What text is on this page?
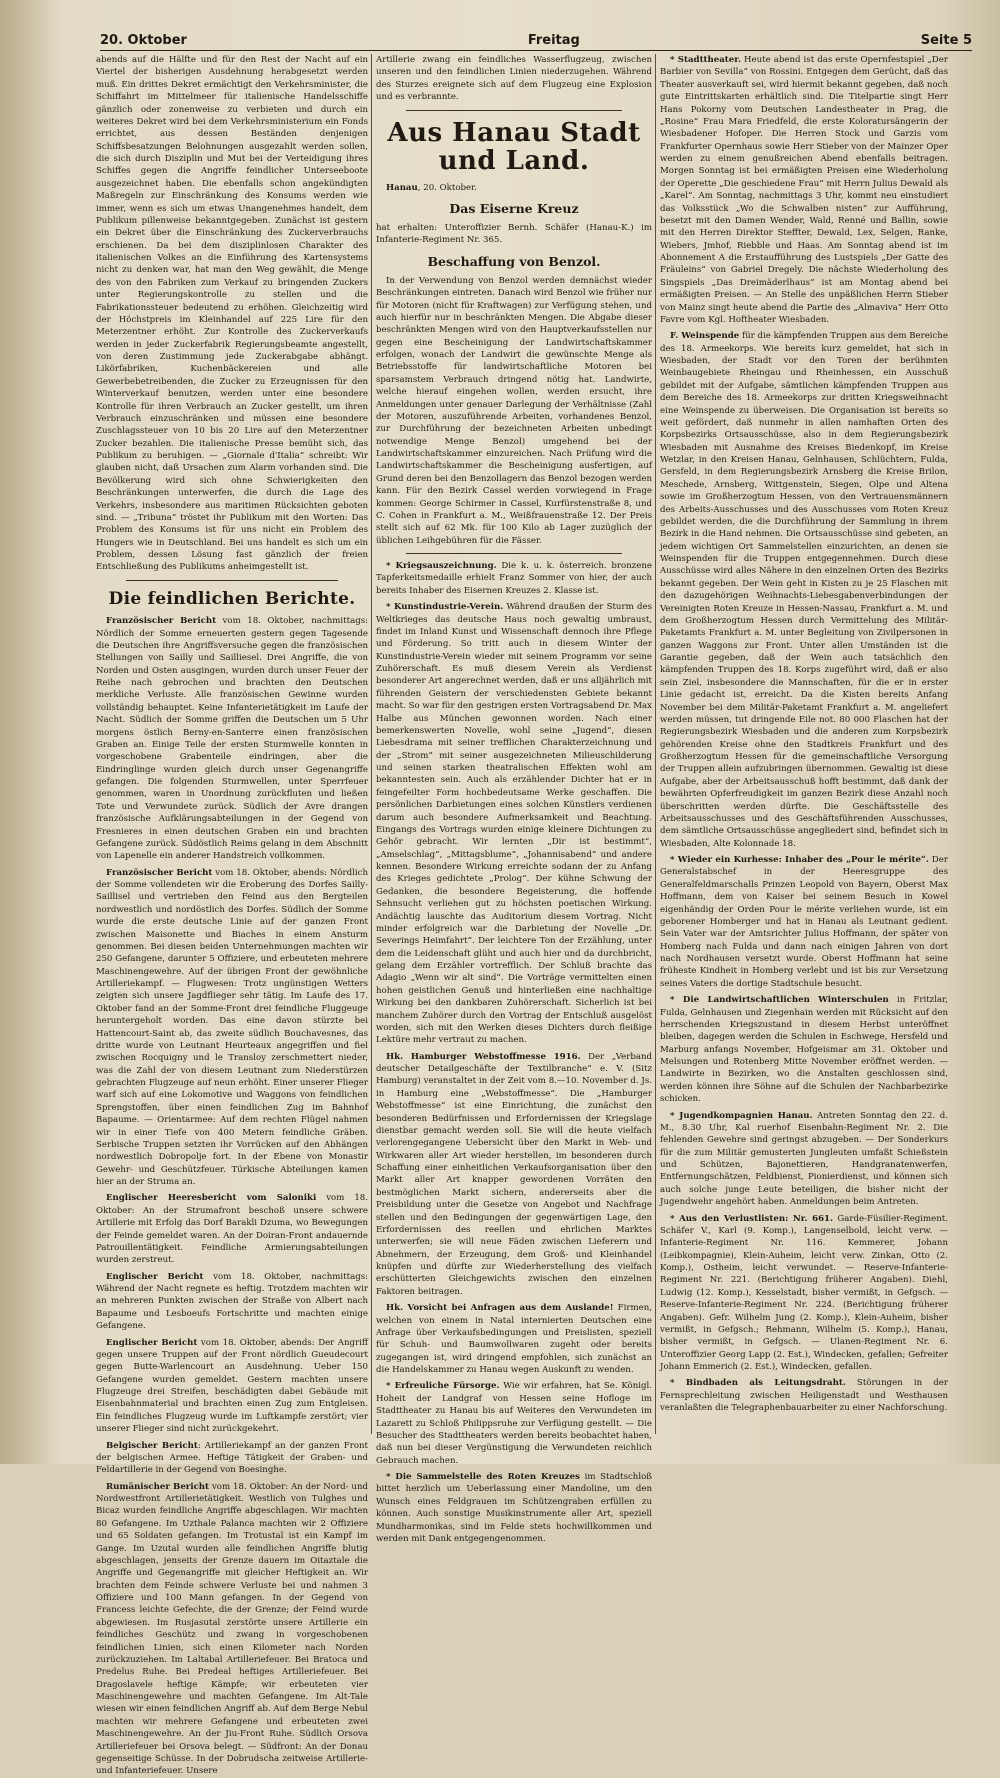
20. Oktober	Freitag	Seite 5

abends auf die Hälfte und für den Rest der Nacht auf ein Viertel der bisherigen Ausdehnung herabgesetzt werden muß. Ein drittes Dekret ermächtigt den Verkehrsminister, die Schiffahrt im Mittelmeer für italienische Handelsschiffe gänzlich oder zonenweise zu verbieten und durch ein weiteres Dekret wird bei dem Verkehrsministerium ein Fonds errichtet, aus dessen Beständen denjenigen Schiffsbesatzungen Belohnungen ausgezahlt werden sollen, die sich durch Disziplin und Mut bei der Verteidigung ihres Schiffes gegen die Angriffe feindlicher Unterseeboote ausgezeichnet haben. Die ebenfalls schon angekündigten Maßregeln zur Einschränkung des Konsums werden wie immer, wenn es sich um etwas Unangenehmes handelt, dem Publikum pillenweise bekanntgegeben. Zunächst ist gestern ein Dekret über die Einschränkung des Zuckerverbrauchs erschienen. Da bei dem disziplinlosen Charakter des italienischen Volkes an die Einführung des Kartensystems nicht zu denken war, hat man den Weg gewählt, die Menge des von den Fabriken zum Verkauf zu bringenden Zuckers unter Regierungskontrolle zu stellen und die Fabrikationssteuer bedeutend zu erhöhen. Gleichzeitig wird der Höchstpreis im Kleinhandel auf 225 Lire für den Meterzentner erhöht. Zur Kontrolle des Zuckerverkaufs werden in jeder Zuckerfabrik Regierungsbeamte angestellt, von deren Zustimmung jede Zuckerabgabe abhängt. Likörfabriken, Kuchenbäckereien und alle Gewerbebetreibenden, die Zucker zu Erzeugnissen für den Winterverkauf benutzen, werden unter eine besondere Kontrolle für ihren Verbrauch an Zucker gestellt, um ihren Verbrauch einzuschränken und müssen eine besondere Zuschlagssteuer von 10 bis 20 Lire auf den Meterzentner Zucker bezahlen. Die italienische Presse bemüht sich, das Publikum zu beruhigen. — „Giornale d'Italia“ schreibt: Wir glauben nicht, daß Ursachen zum Alarm vorhanden sind. Die Bevölkerung wird sich ohne Schwierigkeiten den Beschränkungen unterwerfen, die durch die Lage des Verkehrs, insbesondere aus maritimen Rücksichten geboten sind. — „Tribuna“ tröstet ihr Publikum mit den Worten: Das Problem des Konsums ist für uns nicht ein Problem des Hungers wie in Deutschland. Bei uns handelt es sich um ein Problem, dessen Lösung fast gänzlich der freien Entschließung des Publikums anheimgestellt ist.

Die feindlichen Berichte.

Französischer Bericht vom 18. Oktober, nachmittags: Nördlich der Somme erneuerten gestern gegen Tagesende die Deutschen ihre Angriffsversuche gegen die französischen Stellungen von Sailly und Sailliesel. Drei Angriffe, die von Norden und Osten ausgingen, wurden durch unser Feuer der Reihe nach gebrochen und brachten den Deutschen merkliche Verluste. Alle französischen Gewinne wurden vollständig behauptet. Keine Infanterietätigkeit im Laufe der Nacht. Südlich der Somme griffen die Deutschen um 5 Uhr morgens östlich Berny-en-Santerre einen französischen Graben an. Einige Teile der ersten Sturmwelle konnten in vorgeschobene Grabenteile eindringen, aber die Eindringlinge wurden gleich durch unser Gegenangriffe gefangen. Die folgenden Sturmwellen, unter Sperrfeuer genommen, waren in Unordnung zurückfluten und ließen Tote und Verwundete zurück. Südlich der Avre drangen französische Aufklärungsabteilungen in der Gegend von Fresnieres in einen deutschen Graben ein und brachten Gefangene zurück. Südöstlich Reims gelang in dem Abschnitt von Lapenelle ein anderer Handstreich vollkommen.

Französischer Bericht vom 18. Oktober, abends: Nördlich der Somme vollendeten wir die Eroberung des Dorfes Sailly-Saillisel und vertrieben den Feind aus den Bergteilen nordwestlich und nordöstlich des Dorfes. Südlich der Somme wurde die erste deutsche Linie auf der ganzen Front zwischen Maisonette und Biaches in einem Ansturm genommen. Bei diesen beiden Unternehmungen machten wir 250 Gefangene, darunter 5 Offiziere, und erbeuteten mehrere Maschinengewehre. Auf der übrigen Front der gewöhnliche Artilleriekampf. — Flugwesen: Trotz ungünstigen Wetters zeigten sich unsere Jagdflieger sehr tätig. Im Laufe des 17. Oktober fand an der Somme-Front drei feindliche Fluggeuge heruntergeholt worden. Das eine davon stürzte bei Hattencourt-Saint ab, das zweite südlich Bouchavesnes, das dritte wurde von Leutnant Heurteaux angegriffen und fiel zwischen Rocquigny und le Transloy zerschmettert nieder, was die Zahl der von diesem Leutnant zum Niederstürzen gebrachten Flugzeuge auf neun erhöht. Einer unserer Flieger warf sich auf eine Lokomotive und Waggons von feindlichen Sprengstoffen, über einen feindlichen Zug im Bahnhof Bapaume. — Orientarmee: Auf dem rechten Flügel nahmen wir in einer Tiefe von 400 Metern feindliche Gräben. Serbische Truppen setzten ihr Vorrücken auf den Abhängen nordwestlich Dobropolje fort. In der Ebene von Monastir Gewehr- und Geschützfeuer. Türkische Abteilungen kamen hier an der Struma an.

Englischer Heeresbericht vom Saloniki vom 18. Oktober: An der Strumafront beschoß unsere schwere Artillerie mit Erfolg das Dorf Barakli Dzuma, wo Bewegungen der Feinde gemeldet waren. An der Doiran-Front andauernde Patrouillentätigkeit. Feindliche Armierungsabteilungen wurden zerstreut.

Englischer Bericht vom 18. Oktober, nachmittags: Während der Nacht regnete es heftig. Trotzdem machten wir an mehreren Punkten zwischen der Straße von Albert nach Bapaume und Lesboeufs Fortschritte und machten einige Gefangene.

Englischer Bericht vom 18. Oktober, abends: Der Angriff gegen unsere Truppen auf der Front nördlich Gueudecourt gegen Butte-Warlencourt an Ausdehnung. Ueber 150 Gefangene wurden gemeldet. Gestern machten unsere Flugzeuge drei Streifen, beschädigten dabei Gebäude mit Eisenbahnmaterial und brachten einen Zug zum Entgleisen. Ein feindliches Flugzeug wurde im Luftkampfe zerstört; vier unserer Flieger sind nicht zurückgekehrt.

Belgischer Bericht: Artilleriekampf an der ganzen Front der belgischen Armee. Heftige Tätigkeit der Graben- und Feldartillerie in der Gegend von Boesinghe.

Rumänischer Bericht vom 18. Oktober: An der Nord- und Nordwestfront Artillerietätigkeit. Westlich von Tulghes und Bicaz wurden feindliche Angriffe abgeschlagen. Wir machten 80 Gefangene. Im Uzthale Palanca machten wir 2 Offiziere und 65 Soldaten gefangen. Im Trotustal ist ein Kampf im Gange. Im Uzutal wurden alle feindlichen Angriffe blutig abgeschlagen, jenseits der Grenze dauern im Oitaztale die Angriffe und Gegenangriffe mit gleicher Heftigkeit an. Wir brachten dem Feinde schwere Verluste bei und nahmen 3 Offiziere und 100 Mann gefangen. In der Gegend von Francess leichte Gefechte, die der Grenze; der Feind wurde abgewiesen. Im Rusjasutal zerstörte unsere Artillerie ein feindliches Geschütz und zwang in vorgeschobenen feindlichen Linien, sich einen Kilometer nach Norden zurückzuziehen. Im Laltabal Artilleriefeuer. Bei Bratoca und Predelus Ruhe. Bei Predeal heftiges Artilleriefeuer. Bei Dragoslavele heftige Kämpfe; wir erbeuteten vier Maschinengewehre und machten Gefangene. Im Alt-Tale wiesen wir einen feindlichen Angriff ab. Auf dem Berge Nebul machten wir mehrere Gefangene und erbeuteten zwei Maschinengewehre. An der Jiu-Front Ruhe. Südlich Orsova Artilleriefeuer bei Orsova belegt. — Südfront: An der Donau gegenseitige Schüsse. In der Dobrudscha zeitweise Artillerie- und Infanteriefeuer. Unsere

Artillerie zwang ein feindliches Wasserflugzeug, zwischen unseren und den feindlichen Linien niederzugehen. Während des Sturzes ereignete sich auf dem Flugzeug eine Explosion und es verbrannte.

Aus Hanau Stadt und Land.

Hanau, 20. Oktober.

Das Eiserne Kreuz

hat erhalten: Unteroffizier Bernh. Schäfer (Hanau-K.) im Infanterie-Regiment Nr. 365.

Beschaffung von Benzol.

In der Verwendung von Benzol werden demnächst wieder Beschränkungen eintreten. Danach wird Benzol wie früher nur für Motoren (nicht für Kraftwagen) zur Verfügung stehen, und auch hierfür nur in beschränkten Mengen. Die Abgabe dieser beschränkten Mengen wird von den Hauptverkaufsstellen nur gegen eine Bescheinigung der Landwirtschaftskammer erfolgen, wonach der Landwirt die gewünschte Menge als Betriebsstoffe für landwirtschaftliche Motoren bei sparsamstem Verbrauch dringend nötig hat. Landwirte, welche hierauf eingehen wollen, werden ersucht, ihre Anmeldungen unter genauer Darlegung der Verhältnisse (Zahl der Motoren, auszuführende Arbeiten, vorhandenes Benzol, zur Durchführung der bezeichneten Arbeiten unbedingt notwendige Menge Benzol) umgehend bei der Landwirtschaftskammer einzureichen. Nach Prüfung wird die Landwirtschaftskammer die Bescheinigung ausfertigen, auf Grund deren bei den Benzollagern das Benzol bezogen werden kann. Für den Bezirk Cassel werden vorwiegend in Frage kommen: George Schirmer in Cassel, Kurfürstenstraße 8, und C. Cohen in Frankfurt a. M., Weißfrauenstraße 12. Der Preis stellt sich auf 62 Mk. für 100 Kilo ab Lager zuzüglich der üblichen Leihgebühren für die Fässer.

* Kriegsauszeichnung. Die k. u. k. österreich. bronzene Tapferkeitsmedaille erhielt Franz Sommer von hier, der auch bereits Inhaber des Eisernen Kreuzes 2. Klasse ist.

* Kunstindustrie-Verein. Während draußen der Sturm des Weltkrieges das deutsche Haus noch gewaltig umbraust, findet im Inland Kunst und Wissenschaft dennoch ihre Pflege und Förderung. So tritt auch in diesem Winter der Kunstindustrie-Verein wieder mit seinem Programm vor seine Zuhörerschaft. Es muß diesem Verein als Verdienst besonderer Art angerechnet werden, daß er uns alljährlich mit führenden Geistern der verschiedensten Gebiete bekannt macht. So war für den gestrigen ersten Vortragsabend Dr. Max Halbe aus München gewonnen worden. Nach einer bemerkenswerten Novelle, wohl seine „Jugend“, diesen Liebesdrama mit seiner trefflichen Charakterzeichnung und der „Strom“ mit seiner ausgezeichneten Milieuschilderung und seinen starken theatralischen Effekten wohl am bekanntesten sein. Auch als erzählender Dichter hat er in feingefeilter Form hochbedeutsame Werke geschaffen. Die persönlichen Darbietungen eines solchen Künstlers verdienen darum auch besondere Aufmerksamkeit und Beachtung. Eingangs des Vortrags wurden einige kleinere Dichtungen zu Gehör gebracht. Wir lernten „Dir ist bestimmt“, „Amselschlag“, „Mittagsblume“, „Johannisabend“ und andere kennen. Besondere Wirkung erreichte sodann der zu Anfang des Krieges gedichtete „Prolog“. Der kühne Schwung der Gedanken, die besondere Begeisterung, die hoffende Sehnsucht verliehen gut zu höchsten poetischen Wirkung. Andächtig lauschte das Auditorium diesem Vortrag. Nicht minder erfolgreich war die Darbietung der Novelle „Dr. Severings Heimfahrt“. Der leichtere Ton der Erzählung, unter dem die Leidenschaft glüht und auch hier und da durchbricht, gelang dem Erzähler vortrefflich. Der Schluß brachte das Adagio „Wenn wir alt sind“. Die Vorträge vermittelten einen hohen geistlichen Genuß und hinterließen eine nachhaltige Wirkung bei den dankbaren Zuhörerschaft. Sicherlich ist bei manchem Zuhörer durch den Vortrag der Entschluß ausgelöst worden, sich mit den Werken dieses Dichters durch fleißige Lektüre mehr vertraut zu machen.

Hk. Hamburger Webstoffmesse 1916. Der „Verband deutscher Detailgeschäfte der Textilbranche“ e. V. (Sitz Hamburg) veranstaltet in der Zeit vom 8.—10. November d. Js. in Hamburg eine „Webstoffmesse“. Die „Hamburger Webstoffmesse“ ist eine Einrichtung, die zunächst den besonderen Bedürfnissen und Erfordernissen der Kriegslage dienstbar gemacht werden soll. Sie will die heute vielfach verlorengegangene Uebersicht über den Markt in Web- und Wirkwaren aller Art wieder herstellen, im besonderen durch Schaffung einer einheitlichen Verkaufsorganisation über den Markt aller Art knapper gewordenen Vorräten den bestmöglichen Markt sichern, andererseits aber die Preisbildung unter die Gesetze von Angebot und Nachfrage stellen und den Bedingungen der gegenwärtigen Lage, den Erfordernissen des reellen und ehrlichen Marktes unterwerfen; sie will neue Fäden zwischen Lieferern und Abnehmern, der Erzeugung, dem Groß- und Kleinhandel knüpfen und dürfte zur Wiederherstellung des vielfach erschütterten Gleichgewichts zwischen den einzelnen Faktoren beitragen.

Hk. Vorsicht bei Anfragen aus dem Auslande! Firmen, welchen von einem in Natal internierten Deutschen eine Anfrage über Verkaufsbedingungen und Preislisten, speziell für Schuh- und Baumwollwaren zugeht oder bereits zugegangen ist, wird dringend empfohlen, sich zunächst an die Handelskammer zu Hanau wegen Auskunft zu wenden.

* Erfreuliche Fürsorge. Wie wir erfahren, hat Se. Königl. Hoheit der Landgraf von Hessen seine Hofloge im Stadttheater zu Hanau bis auf Weiteres den Verwundeten im Lazarett zu Schloß Philippsruhe zur Verfügung gestellt. — Die Besucher des Stadttheaters werden bereits beobachtet haben, daß nun bei dieser Vergünstigung die Verwundeten reichlich Gebrauch machen.

* Die Sammelstelle des Roten Kreuzes im Stadtschloß bittet herzlich um Ueberlassung einer Mandoline, um den Wunsch eines Feldgrauen im Schützengraben erfüllen zu können. Auch sonstige Musikinstrumente aller Art, speziell Mundharmonikas, sind im Felde stets hochwillkommen und werden mit Dank entgegengenommen.

* Stadttheater. Heute abend ist das erste Opernfestspiel „Der Barbier von Sevilla“ von Rossini. Entgegen dem Gerücht, daß das Theater ausverkauft sei, wird hiermit bekannt gegeben, daß noch gute Eintrittskarten erhältlich sind. Die Titelpartie singt Herr Hans Pokorny vom Deutschen Landestheater in Prag, die „Rosine“ Frau Mara Friedfeld, die erste Koloratursängerin der Wiesbadener Hofoper. Die Herren Stock und Garzis vom Frankfurter Opernhaus sowie Herr Stieber von der Mainzer Oper werden zu einem genußreichen Abend ebenfalls beitragen. Morgen Sonntag ist bei ermäßigten Preisen eine Wiederholung der Operette „Die geschiedene Frau“ mit Herrn Julius Dewald als „Karel“. Am Sonntag, nachmittags 3 Uhr, kommt neu einstudiert das Volksstück „Wo die Schwalben nisten“ zur Aufführung, besetzt mit den Damen Wender, Wald, Renné und Ballin, sowie mit den Herren Direktor Steffter, Dewald, Lex, Selgen, Ranke, Wiebers, Jmhof, Riebble und Haas. Am Sonntag abend ist im Abonnement A die Erstaufführung des Lustspiels „Der Gatte des Fräuleins“ von Gabriel Dregely. Die nächste Wiederholung des Singspiels „Das Dreimäderlhaus“ ist am Montag abend bei ermäßigten Preisen. — An Stelle des unpäßlichen Herrn Stieber von Mainz singt heute abend die Partie des „Almaviva“ Herr Otto Favre vom Kgl. Hoftheater Wiesbaden.

F. Weinspende für die kämpfenden Truppen aus dem Bereiche des 18. Armeekorps. Wie bereits kurz gemeldet, hat sich in Wiesbaden, der Stadt vor den Toren der berühmten Weinbaugebiete Rheingau und Rheinhessen, ein Ausschuß gebildet mit der Aufgabe, sämtlichen kämpfenden Truppen aus dem Bereiche des 18. Armeekorps zur dritten Kriegsweihnacht eine Weinspende zu überweisen. Die Organisation ist bereits so weit gefördert, daß nunmehr in allen namhaften Orten des Korpsbezirks Ortsausschüsse, also in dem Regierungsbezirk Wiesbaden mit Ausnahme des Kreises Biedenkopf, im Kreise Wetzlar, in den Kreisen Hanau, Gelnhausen, Schlüchtern, Fulda, Gersfeld, in dem Regierungsbezirk Arnsberg die Kreise Brilon, Meschede, Arnsberg, Wittgenstein, Siegen, Olpe und Altena sowie im Großherzogtum Hessen, von den Vertrauensmännern des Arbeits-Ausschusses und des Ausschusses vom Roten Kreuz gebildet werden, die die Durchführung der Sammlung in ihrem Bezirk in die Hand nehmen. Die Ortsausschüsse sind gebeten, an jedem wichtigen Ort Sammelstellen einzurichten, an denen sie Weinspenden für die Truppen entgegennehmen. Durch diese Ausschüsse wird alles Nähere in den einzelnen Orten des Bezirks bekannt gegeben. Der Wein geht in Kisten zu je 25 Flaschen mit den dazugehörigen Weihnachts-Liebesgabenverbindungen der Vereinigten Roten Kreuze in Hessen-Nassau, Frankfurt a. M. und dem Großherzogtum Hessen durch Vermittelung des Militär-Paketamts Frankfurt a. M. unter Begleitung von Zivilpersonen in ganzen Waggons zur Front. Unter allen Umständen ist die Garantie gegeben, daß der Wein auch tatsächlich den kämpfenden Truppen des 18. Korps zugeführt wird, daß er also sein Ziel, insbesondere die Mannschaften, für die er in erster Linie gedacht ist, erreicht. Da die Kisten bereits Anfang November bei dem Militär-Paketamt Frankfurt a. M. angeliefert werden müssen, tut dringende Eile not. 80 000 Flaschen hat der Regierungsbezirk Wiesbaden und die anderen zum Korpsbezirk gehörenden Kreise ohne den Stadtkreis Frankfurt und des Großherzogtum Hessen für die gemeinschaftliche Versorgung der Truppen allein aufzubringen übernommen. Gewaltig ist diese Aufgabe, aber der Arbeitsausschuß hofft bestimmt, daß dank der bewährten Opferfreudigkeit im ganzen Bezirk diese Anzahl noch überschritten werden dürfte. Die Geschäftsstelle des Arbeitsausschusses und des Geschäftsführenden Ausschusses, dem sämtliche Ortsausschüsse angegliedert sind, befindet sich in Wiesbaden, Alte Kolonnade 18.

* Wieder ein Kurhesse: Inhaber des „Pour le mérite“. Der Generalstabschef in der Heeresgruppe des Generalfeldmarschalls Prinzen Leopold von Bayern, Oberst Max Hoffmann, dem von Kaiser bei seinem Besuch in Kowel eigenhändig der Orden Pour le mérite verliehen wurde, ist ein geborener Homberger und hat in Hanau als Leutnant gedient. Sein Vater war der Amtsrichter Julius Hoffmann, der später von Homberg nach Fulda und dann nach einigen Jahren von dort nach Nordhausen versetzt wurde. Oberst Hoffmann hat seine früheste Kindheit in Homberg verlebt und ist bis zur Versetzung seines Vaters die dortige Stadtschule besucht.

* Die Landwirtschaftlichen Winterschulen in Fritzlar, Fulda, Gelnhausen und Ziegenhain werden mit Rücksicht auf den herrschenden Kriegszustand in diesem Herbst unteröffnet bleiben, dagegen werden die Schulen in Eschwege, Hersfeld und Marburg anfangs November, Hofgeismar am 31. Oktober und Melsungen und Rotenberg Mitte November eröffnet werden. — Landwirte in Bezirken, wo die Anstalten geschlossen sind, werden können ihre Söhne auf die Schulen der Nachbarbezirke schicken.

* Jugendkompagnien Hanau. Antreten Sonntag den 22. d. M., 8.30 Uhr, Kal ruerhof Eisenbahn-Regiment Nr. 2. Die fehlenden Gewehre sind geringst abzugeben. — Der Sonderkurs für die zum Militär gemusterten Jungleuten umfaßt Schießstein und Schützen, Bajonettieren, Handgranatenwerfen, Entfernungschätzen, Feldbienst, Pionierdienst, und können sich auch solche junge Leute beteiligen, die bisher nicht der Jugendwehr angehört haben. Anmeldungen beim Antreten.

* Aus den Verlustlisten: Nr. 661. Garde-Füsilier-Regiment. Schäfer V., Karl (9. Komp.), Langenselbold, leicht verw. — Infanterie-Regiment Nr. 116. Kemmerer, Johann (Leibkompagnie), Klein-Auheim, leicht verw. Zinkan, Otto (2. Komp.), Ostheim, leicht verwundet. — Reserve-Infanterie-Regiment Nr. 221. (Berichtigung früherer Angaben). Diehl, Ludwig (12. Komp.), Kesselstadt, bisher vermißt, in Gefgsch. — Reserve-Infanterie-Regiment Nr. 224. (Berichtigung früherer Angaben). Gefr. Wilhelm Jung (2. Komp.), Klein-Auheim, bisher vermißt, in Gefgsch.; Rehmann, Wilhelm (5. Komp.), Hanau, bisher vermißt, in Gefgsch. — Ulanen-Regiment Nr. 6. Unteroffizier Georg Lapp (2. Est.), Windecken, gefallen; Gefreiter Johann Emmerich (2. Est.), Windecken, gefallen.

* Bindbaden als Leitungsdraht. Störungen in der Fernsprechleitung zwischen Heiligenstadt und Westhausen veranlaßten die Telegraphenbauarbeiter zu einer Nachforschung.
